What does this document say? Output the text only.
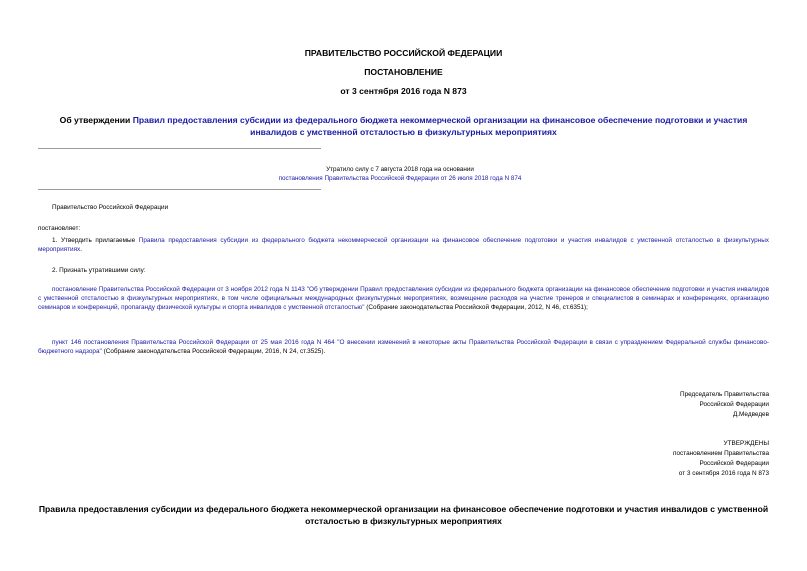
ПРАВИТЕЛЬСТВО РОССИЙСКОЙ ФЕДЕРАЦИИ
ПОСТАНОВЛЕНИЕ
от 3 сентября 2016 года N 873
Об утверждении Правил предоставления субсидии из федерального бюджета некоммерческой организации на финансовое обеспечение подготовки и участия инвалидов с умственной отсталостью в физкультурных мероприятиях
Утратило силу с 7 августа 2018 года на основании
постановления Правительства Российской Федерации от 26 июля 2018 года N 874
Правительство Российской Федерации
постановляет:
1. Утвердить прилагаемые Правила предоставления субсидии из федерального бюджета некоммерческой организации на финансовое обеспечение подготовки и участия инвалидов с умственной отсталостью в физкультурных мероприятиях.
2. Признать утратившими силу:
постановление Правительства Российской Федерации от 3 ноября 2012 года N 1143 "Об утверждении Правил предоставления субсидии из федерального бюджета организации на финансовое обеспечение подготовки и участия инвалидов с умственной отсталостью в физкультурных мероприятиях, в том числе официальных международных физкультурных мероприятиях, возмещение расходов на участие тренеров и специалистов в семинарах и конференциях, организацию семинаров и конференций, пропаганду физической культуры и спорта инвалидов с умственной отсталостью" (Собрание законодательства Российской Федерации, 2012, N 46, ст.6351);
пункт 146 постановления Правительства Российской Федерации от 25 мая 2016 года N 464 "О внесении изменений в некоторые акты Правительства Российской Федерации в связи с упразднением Федеральной службы финансово-бюджетного надзора" (Собрание законодательства Российской Федерации, 2016, N 24, ст.3525).
Председатель Правительства
Российской Федерации
Д.Медведев
УТВЕРЖДЕНЫ
постановлением Правительства
Российской Федерации
от 3 сентября 2016 года N 873
Правила предоставления субсидии из федерального бюджета некоммерческой организации на финансовое обеспечение подготовки и участия инвалидов с умственной отсталостью в физкультурных мероприятиях
